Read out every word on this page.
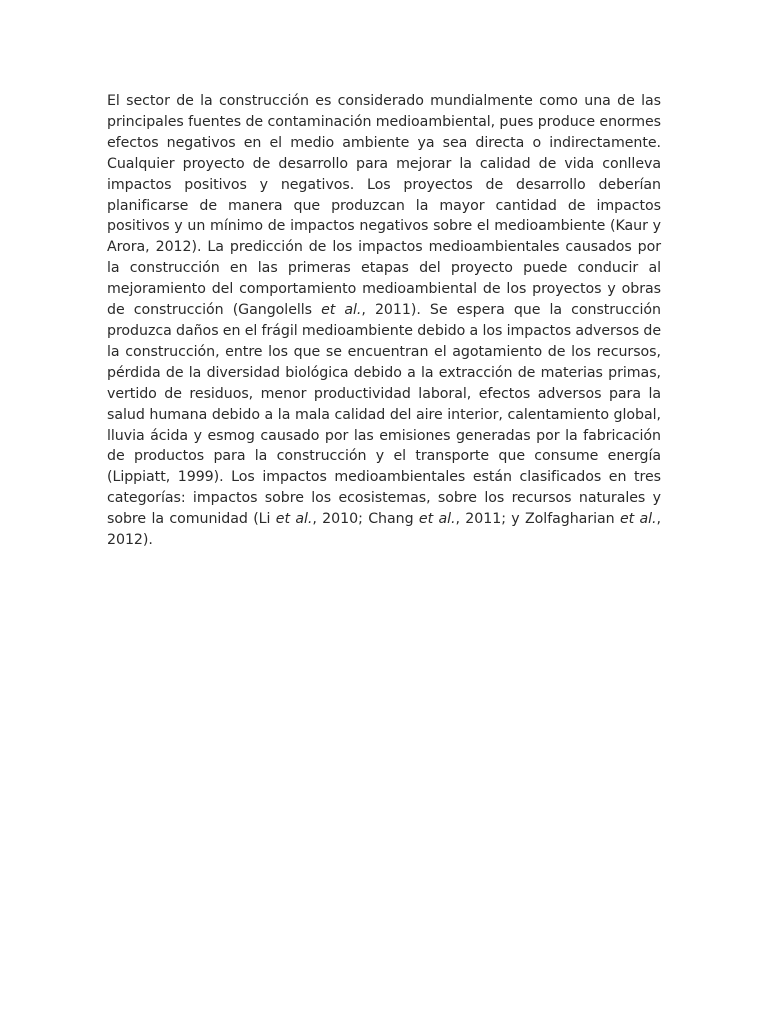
El sector de la construcción es considerado mundialmente como una de las principales fuentes de contaminación medioambiental, pues produce enormes efectos negativos en el medio ambiente ya sea directa o indirectamente. Cualquier proyecto de desarrollo para mejorar la calidad de vida conlleva impactos positivos y negativos. Los proyectos de desarrollo deberían planificarse de manera que produzcan la mayor cantidad de impactos positivos y un mínimo de impactos negativos sobre el medioambiente (Kaur y Arora, 2012). La predicción de los impactos medioambientales causados por la construcción en las primeras etapas del proyecto puede conducir al mejoramiento del comportamiento medioambiental de los proyectos y obras de construcción (Gangolells et al., 2011). Se espera que la construcción produzca daños en el frágil medioambiente debido a los impactos adversos de la construcción, entre los que se encuentran el agotamiento de los recursos, pérdida de la diversidad biológica debido a la extracción de materias primas, vertido de residuos, menor productividad laboral, efectos adversos para la salud humana debido a la mala calidad del aire interior, calentamiento global, lluvia ácida y esmog causado por las emisiones generadas por la fabricación de productos para la construcción y el transporte que consume energía (Lippiatt, 1999). Los impactos medioambientales están clasificados en tres categorías: impactos sobre los ecosistemas, sobre los recursos naturales y sobre la comunidad (Li et al., 2010; Chang et al., 2011; y Zolfagharian et al., 2012).
